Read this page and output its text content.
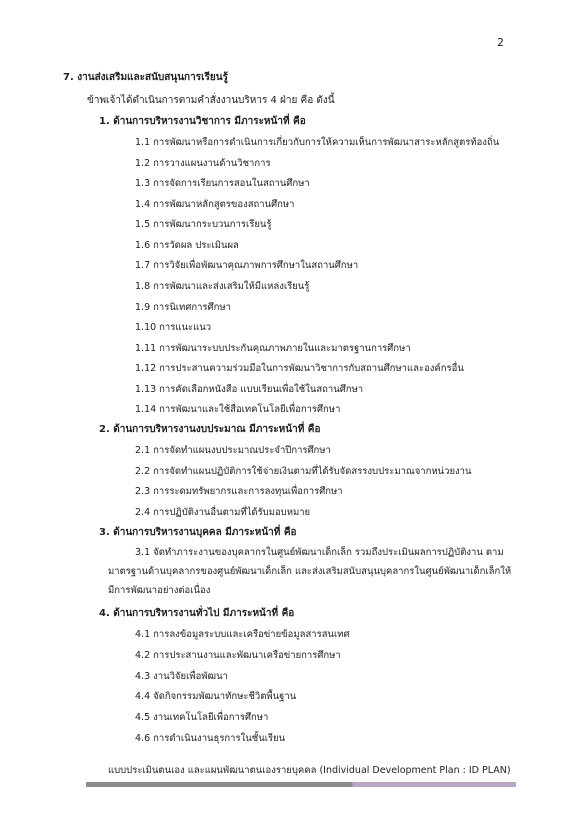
2
7. งานส่งเสริมและสนับสนุนการเรียนรู้
ข้าพเจ้าได้ดำเนินการตามคำสั่งงานบริหาร 4 ฝ่าย คือ ดังนี้
1. ด้านการบริหารงานวิชาการ มีภาระหน้าที่ คือ
1.1 การพัฒนาหรือการดำเนินการเกี่ยวกับการให้ความเห็นการพัฒนาสาระหลักสูตรท้องถิ่น
1.2 การวางแผนงานด้านวิชาการ
1.3 การจัดการเรียนการสอนในสถานศึกษา
1.4 การพัฒนาหลักสูตรของสถานศึกษา
1.5 การพัฒนากระบวนการเรียนรู้
1.6 การวัดผล ประเมินผล
1.7 การวิจัยเพื่อพัฒนาคุณภาพการศึกษาในสถานศึกษา
1.8 การพัฒนาและส่งเสริมให้มีแหล่งเรียนรู้
1.9 การนิเทศการศึกษา
1.10 การแนะแนว
1.11 การพัฒนาระบบประกันคุณภาพภายในและมาตรฐานการศึกษา
1.12 การประสานความร่วมมือในการพัฒนาวิชาการกับสถานศึกษาและองค์กรอื่น
1.13 การคัดเลือกหนังสือ แบบเรียนเพื่อใช้ในสถานศึกษา
1.14 การพัฒนาและใช้สื่อเทคโนโลยีเพื่อการศึกษา
2. ด้านการบริหารงานงบประมาณ มีภาระหน้าที่ คือ
2.1 การจัดทำแผนงบประมาณประจำปีการศึกษา
2.2 การจัดทำแผนปฏิบัติการใช้จ่ายเงินตามที่ได้รับจัดสรรงบประมาณจากหน่วยงาน
2.3 การระดมทรัพยากรและการลงทุนเพื่อการศึกษา
2.4 การปฏิบัติงานอื่นตามที่ได้รับมอบหมาย
3. ด้านการบริหารงานบุคคล มีภาระหน้าที่ คือ

3.1 จัดทำภาระงานของบุคลากรในศูนย์พัฒนาเด็กเล็ก รวมถึงประเมินผลการปฏิบัติงาน ตาม

มาตรฐานด้านบุคลากรของศูนย์พัฒนาเด็กเล็ก และส่งเสริมสนับสนุนบุคลากรในศูนย์พัฒนาเด็กเล็กให้

มีการพัฒนาอย่างต่อเนื่อง

4. ด้านการบริหารงานทั่วไป มีภาระหน้าที่ คือ
4.1 การลงข้อมูลระบบและเครือข่ายข้อมูลสารสนเทศ
4.2 การประสานงานและพัฒนาเครือข่ายการศึกษา
4.3 งานวิจัยเพื่อพัฒนา
4.4 จัดกิจกรรมพัฒนาทักษะชีวิตพื้นฐาน
4.5 งานเทคโนโลยีเพื่อการศึกษา
4.6 การดำเนินงานธุรการในชั้นเรียน
แบบประเมินตนเอง และแผนพัฒนาตนเองรายบุคคล (Individual Development Plan : ID PLAN)
